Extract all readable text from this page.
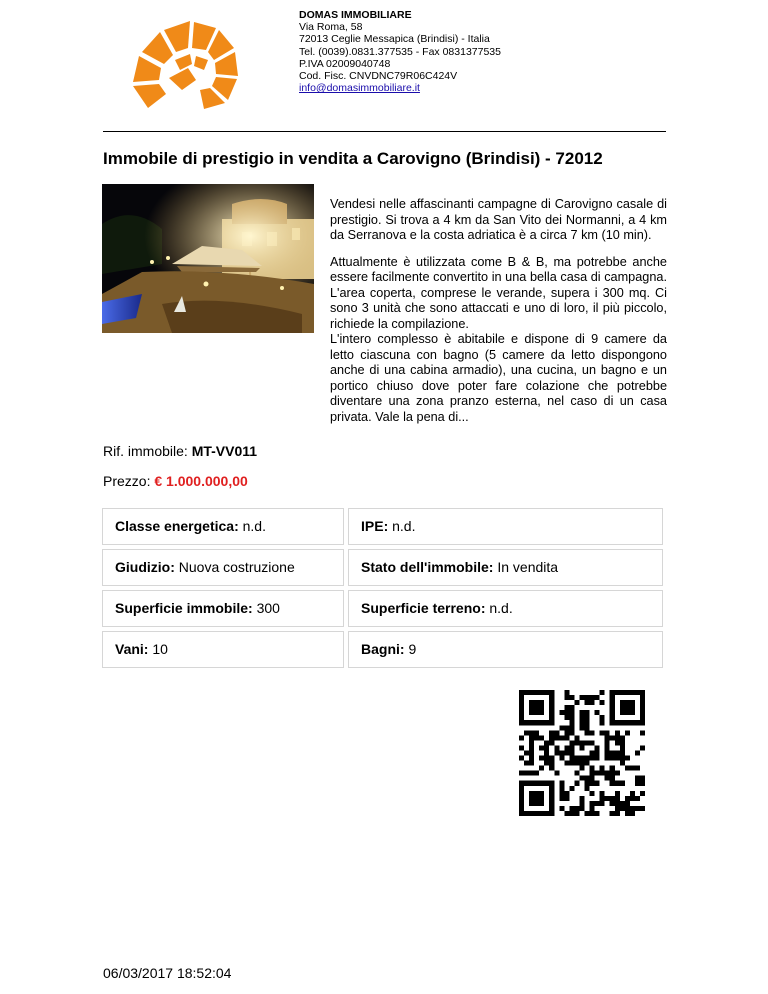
DOMAS IMMOBILIARE
Via Roma, 58
72013 Ceglie Messapica (Brindisi) - Italia
Tel. (0039).0831.377535 - Fax 0831377535
P.IVA 02009040748
Cod. Fisc. CNVDNC79R06C424V
info@domasimmobiliare.it
Immobile di prestigio in vendita a Carovigno (Brindisi) - 72012

Vendesi nelle affascinanti campagne di Carovigno casale di prestigio. Si trova a 4 km da San Vito dei Normanni, a 4 km da Serranova e la costa adriatica è a circa 7 km (10 min).

Attualmente è utilizzata come B & B, ma potrebbe anche essere facilmente convertito in una bella casa di campagna. L'area coperta, comprese le verande, supera i 300 mq. Ci sono 3 unità che sono attaccati e uno di loro, il più piccolo, richiede la compilazione.

L'intero complesso è abitabile e dispone di 9 camere da letto ciascuna con bagno (5 camere da letto dispongono anche di una cabina armadio), una cucina, un bagno e un portico chiuso dove poter fare colazione che potrebbe diventare una zona pranzo esterna, nel caso di un casa privata. Vale la pena di...

Rif. immobile: MT-VV011
Prezzo: € 1.000.000,00
Classe energetica: n.d.	IPE: n.d.
Giudizio: Nuova costruzione	Stato dell'immobile: In vendita
Superficie immobile: 300	Superficie terreno: n.d.
Vani: 10	Bagni: 9
06/03/2017 18:52:04
